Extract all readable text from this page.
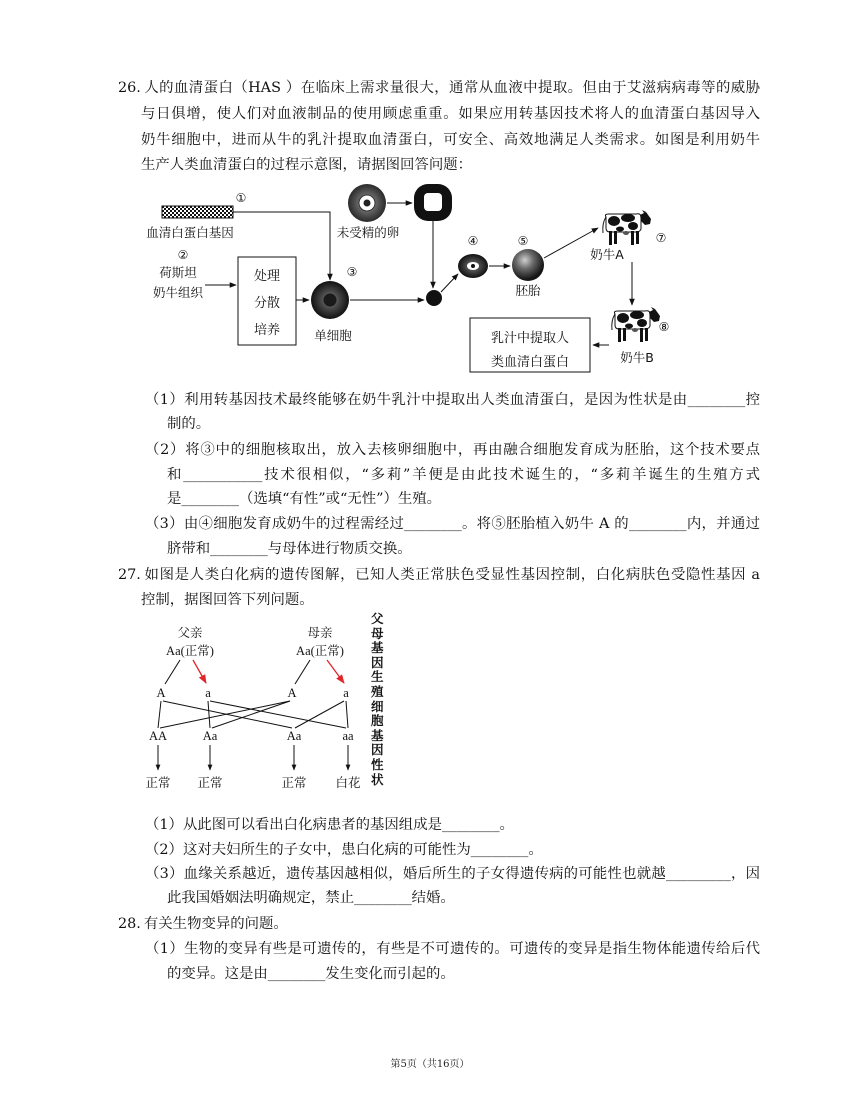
26. 人的血清蛋白（HAS ）在临床上需求量很大，通常从血液中提取。但由于艾滋病病毒等的威胁
与日俱增，使人们对血液制品的使用顾虑重重。如果应用转基因技术将人的血清蛋白基因导入
奶牛细胞中，进而从牛的乳汁提取血清蛋白，可安全、高效地满足人类需求。如图是利用奶牛
生产人类血清蛋白的过程示意图，请据图回答问题：
①
血清白蛋白基因
②
荷斯坦
奶牛组织
处理
分散
培养
③
单细胞
未受精的卵
④	⑤
胚胎
奶牛A
⑦
⑧
奶牛B
乳汁中提取人
类血清白蛋白
（1）利用转基因技术最终能够在奶牛乳汁中提取出人类血清蛋白，是因为性状是由________控
制的。
（2）将③中的细胞核取出，放入去核卵细胞中，再由融合细胞发育成为胚胎，这个技术要点
和___________技术很相似，“多莉”羊便是由此技术诞生的，“多莉羊诞生的生殖方式
是________（选填“有性”或“无性”）生殖。
（3）由④细胞发育成奶牛的过程需经过________。将⑤胚胎植入奶牛 A 的________内，并通过
脐带和________与母体进行物质交换。
27. 如图是人类白化病的遗传图解，已知人类正常肤色受显性基因控制，白化病肤色受隐性基因 a
控制，据图回答下列问题。
父亲
Aa(正常)
母亲
Aa(正常)
A	a	A	a
AA	Aa	Aa	aa
正常 正常	正常 白花
父母基因生殖细胞基因性状
（1）从此图可以看出白化病患者的基因组成是________。
（2）这对夫妇所生的子女中，患白化病的可能性为________。
（3）血缘关系越近，遗传基因越相似，婚后所生的子女得遗传病的可能性也就越_________，因
此我国婚姻法明确规定，禁止________结婚。
28. 有关生物变异的问题。
（1）生物的变异有些是可遗传的，有些是不可遗传的。可遗传的变异是指生物体能遗传给后代
的变异。这是由________发生变化而引起的。
第5页（共16页）
